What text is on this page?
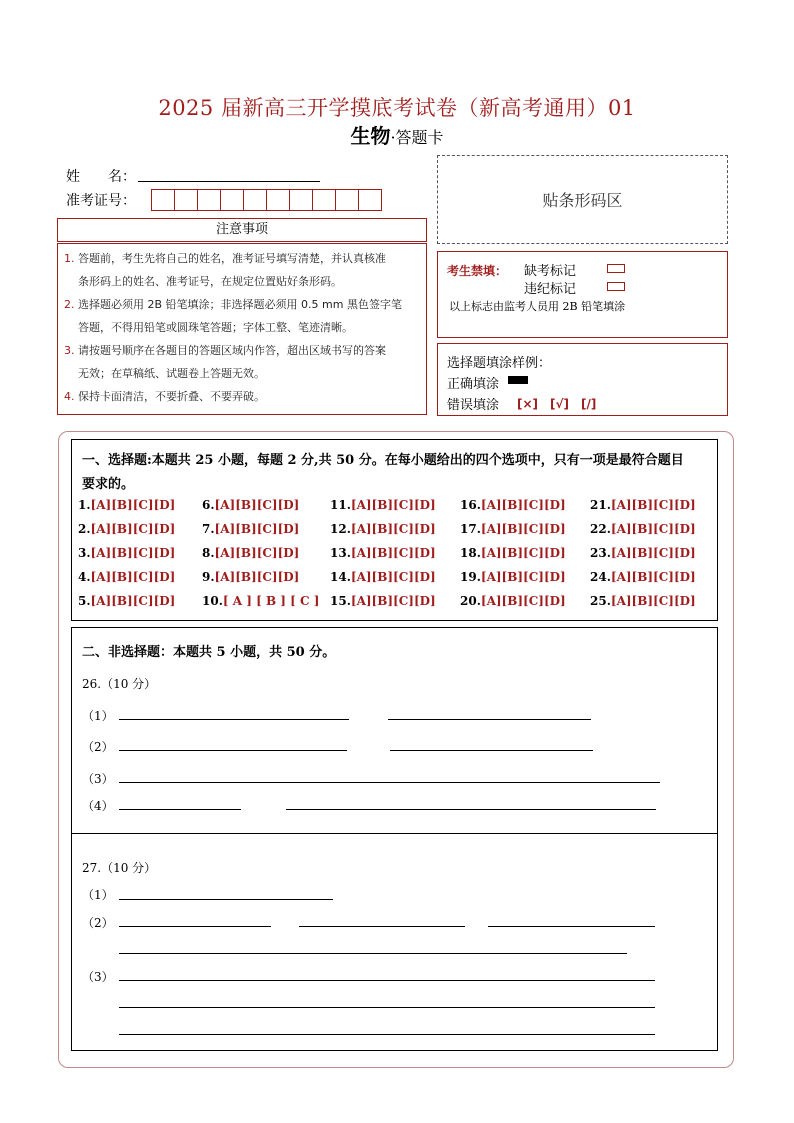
2025 届新高三开学摸底考试卷（新高考通用）01
生物·答题卡
姓　　名：
准考证号：	贴条形码区
注意事项
1. 答题前，考生先将自己的姓名，准考证号填写清楚，并认真核准
条形码上的姓名、准考证号，在规定位置贴好条形码。
2. 选择题必须用 2B 铅笔填涂；非选择题必须用 0.5 mm 黑色签字笔
答题，不得用铅笔或圆珠笔答题；字体工整、笔迹清晰。
3. 请按题号顺序在各题目的答题区域内作答，超出区域书写的答案
无效；在草稿纸、试题卷上答题无效。
4. 保持卡面清洁，不要折叠、不要弄破。
考生禁填： 缺考标记
违纪标记
以上标志由监考人员用 2B 铅笔填涂
选择题填涂样例：
正确填涂
错误填涂 [×]　[√]　[/]
一、选择题:本题共 25 小题，每题 2 分,共 50 分。在每小题给出的四个选项中，只有一项是最符合题目
要求的。
1.[A][B][C][D] 6.[A][B][C][D]	11.[A][B][C][D] 16.[A][B][C][D] 21.[A][B][C][D]
2.[A][B][C][D] 7.[A][B][C][D]	12.[A][B][C][D] 17.[A][B][C][D] 22.[A][B][C][D]
3.[A][B][C][D] 8.[A][B][C][D]	13.[A][B][C][D] 18.[A][B][C][D] 23.[A][B][C][D]
4.[A][B][C][D] 9.[A][B][C][D]	14.[A][B][C][D] 19.[A][B][C][D] 24.[A][B][C][D]
5.[A][B][C][D] 10.[ A ] [ B ] [ C ] 15.[A][B][C][D] 20.[A][B][C][D] 25.[A][B][C][D]
二、非选择题：本题共 5 小题，共 50 分。
26.（10 分）
（1）
（2）
（3）
（4）
27.（10 分）
（1）
（2）
（3）
